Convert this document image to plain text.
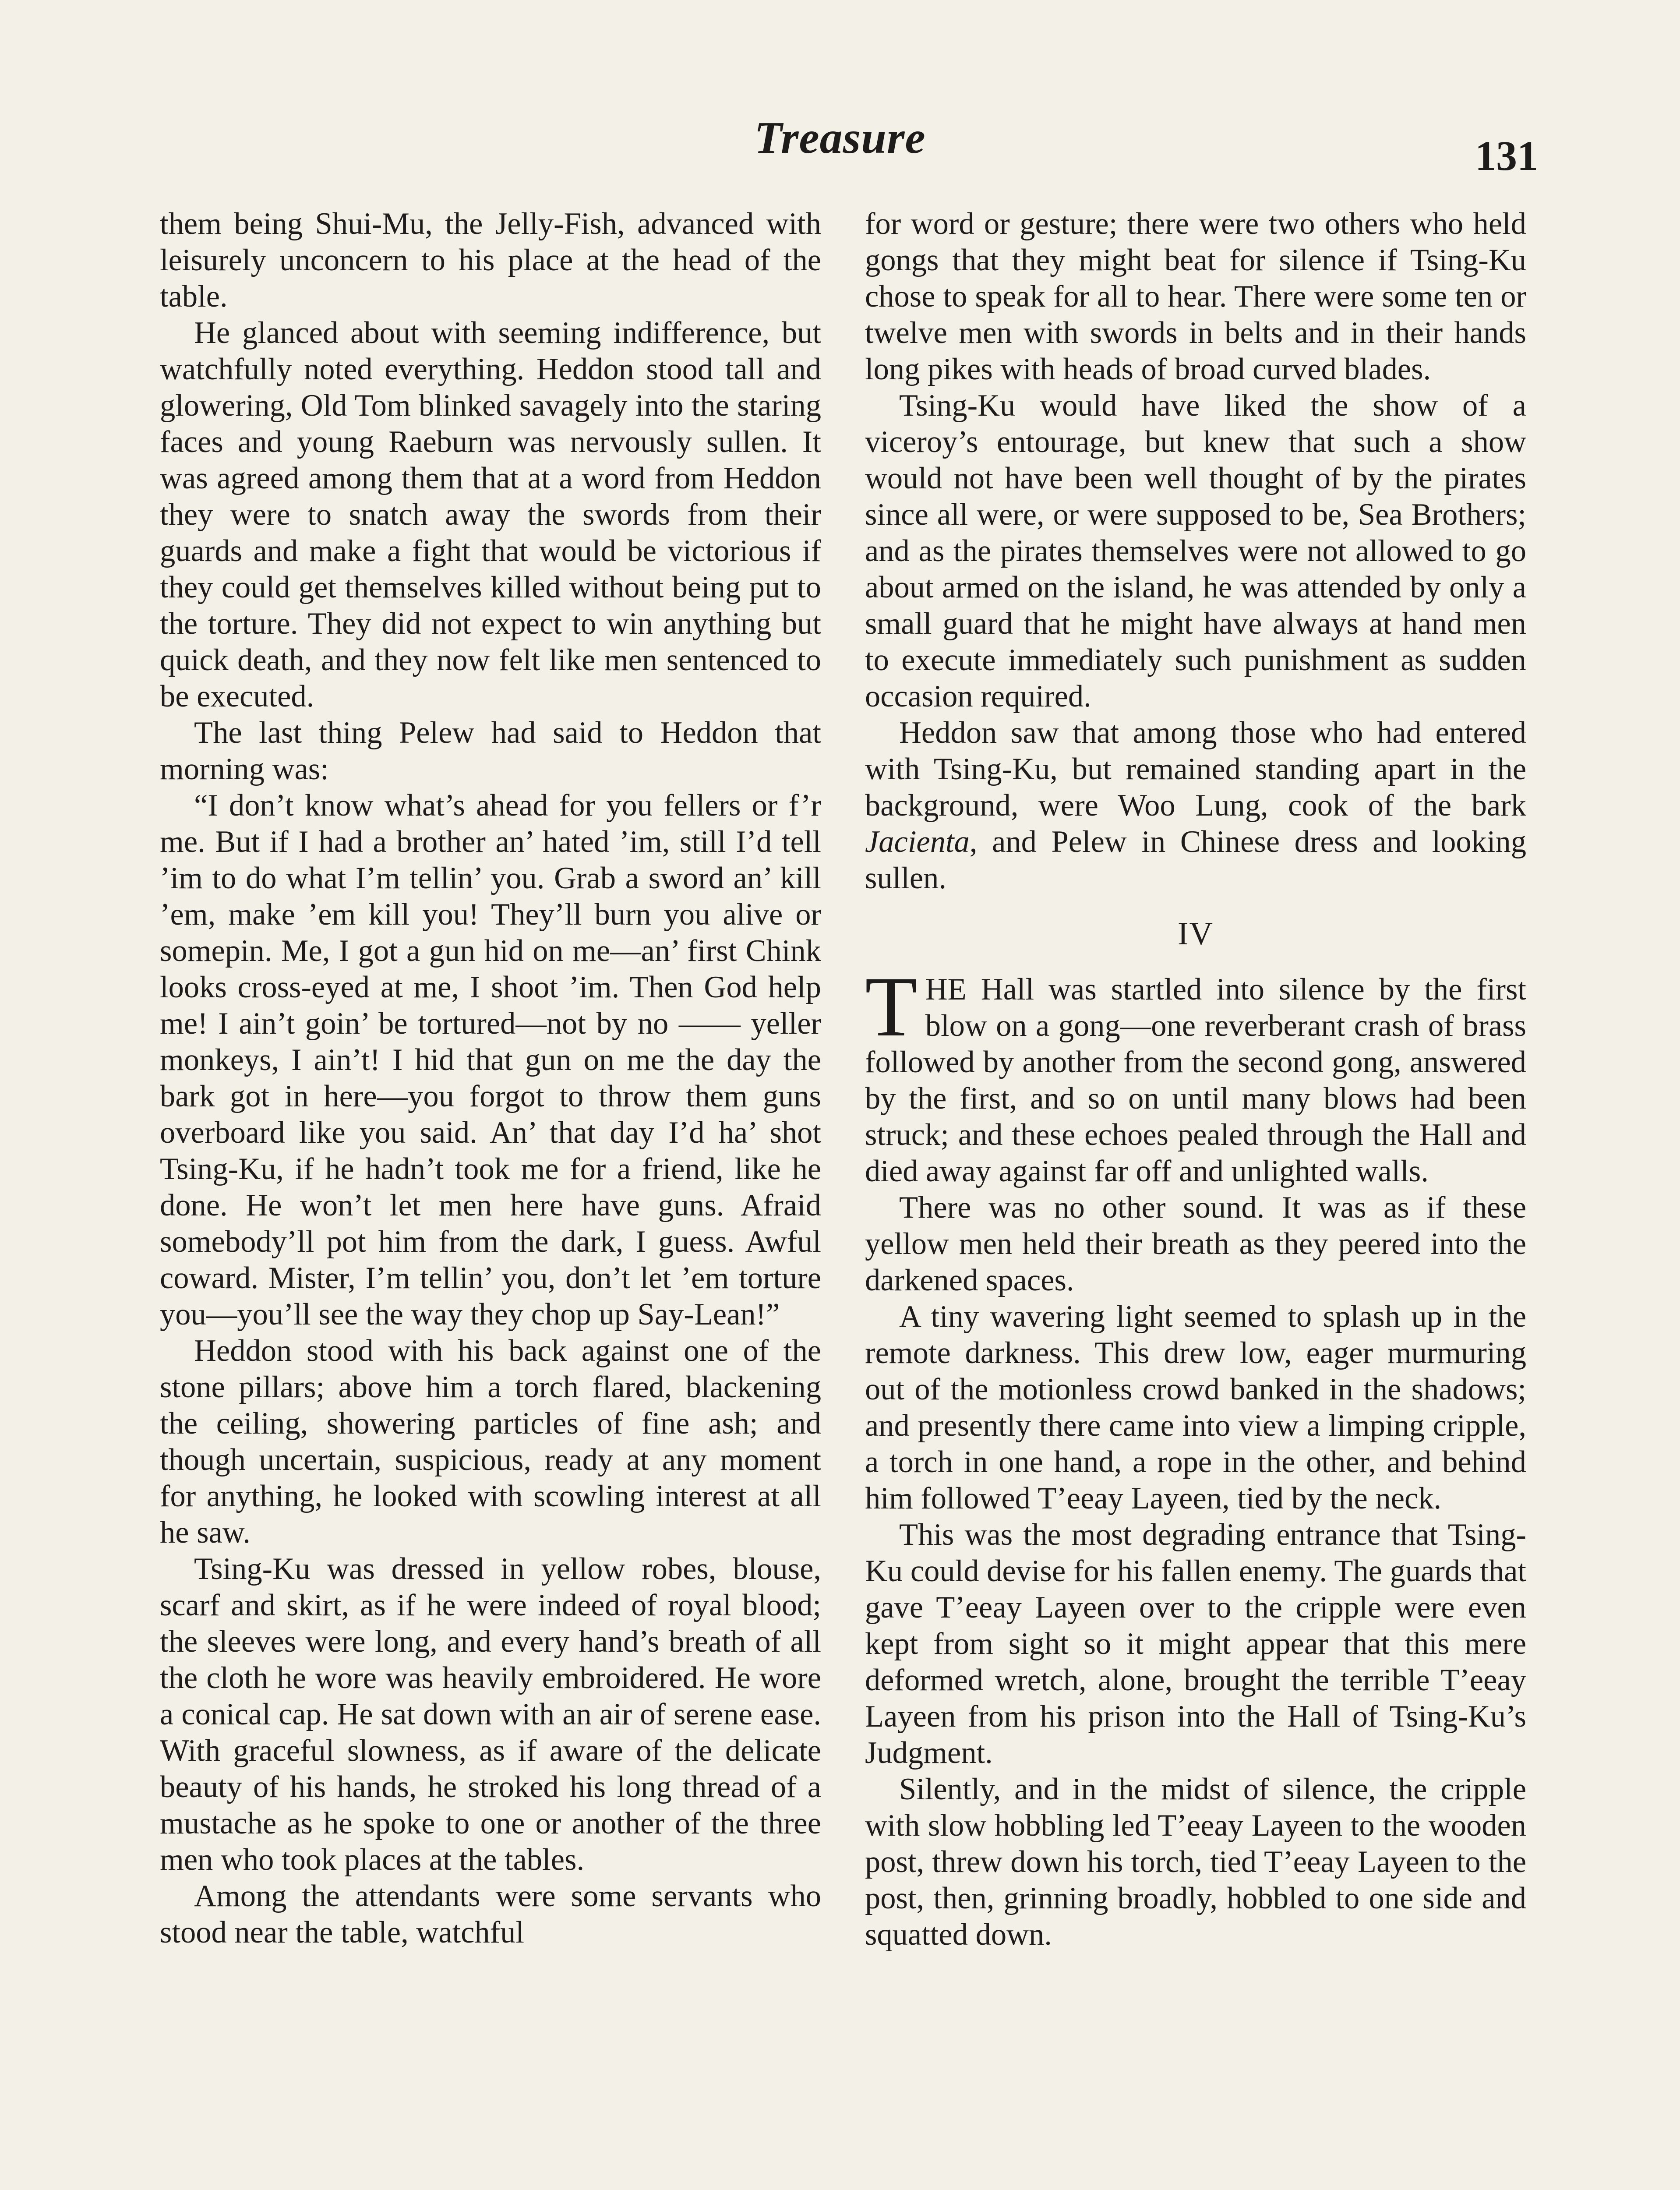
Treasure	131

them being Shui-Mu, the Jelly-Fish, advanced with leisurely unconcern to his place at the head of the table.

He glanced about with seeming indifference, but watchfully noted everything. Heddon stood tall and glowering, Old Tom blinked savagely into the staring faces and young Raeburn was nervously sullen. It was agreed among them that at a word from Heddon they were to snatch away the swords from their guards and make a fight that would be victorious if they could get themselves killed without being put to the torture. They did not expect to win anything but quick death, and they now felt like men sentenced to be executed.

The last thing Pelew had said to Heddon that morning was:

“I don’t know what’s ahead for you fellers or f’r me. But if I had a brother an’ hated ’im, still I’d tell ’im to do what I’m tellin’ you. Grab a sword an’ kill ’em, make ’em kill you! They’ll burn you alive or somepin. Me, I got a gun hid on me—an’ first Chink looks cross-eyed at me, I shoot ’im. Then God help me! I ain’t goin’ be tortured—not by no —— yeller monkeys, I ain’t! I hid that gun on me the day the bark got in here—you forgot to throw them guns overboard like you said. An’ that day I’d ha’ shot Tsing-Ku, if he hadn’t took me for a friend, like he done. He won’t let men here have guns. Afraid somebody’ll pot him from the dark, I guess. Awful coward. Mister, I’m tellin’ you, don’t let ’em torture you—you’ll see the way they chop up Say-Lean!”

Heddon stood with his back against one of the stone pillars; above him a torch flared, blackening the ceiling, showering particles of fine ash; and though uncertain, suspicious, ready at any moment for anything, he looked with scowling interest at all he saw.

Tsing-Ku was dressed in yellow robes, blouse, scarf and skirt, as if he were indeed of royal blood; the sleeves were long, and every hand’s breath of all the cloth he wore was heavily embroidered. He wore a conical cap. He sat down with an air of serene ease. With graceful slowness, as if aware of the delicate beauty of his hands, he stroked his long thread of a mustache as he spoke to one or another of the three men who took places at the tables.

Among the attendants were some servants who stood near the table, watchful

for word or gesture; there were two others who held gongs that they might beat for silence if Tsing-Ku chose to speak for all to hear. There were some ten or twelve men with swords in belts and in their hands long pikes with heads of broad curved blades.

Tsing-Ku would have liked the show of a viceroy’s entourage, but knew that such a show would not have been well thought of by the pirates since all were, or were supposed to be, Sea Brothers; and as the pirates themselves were not allowed to go about armed on the island, he was attended by only a small guard that he might have always at hand men to execute immediately such punishment as sudden occasion required.

Heddon saw that among those who had entered with Tsing-Ku, but remained standing apart in the background, were Woo Lung, cook of the bark Jacienta, and Pelew in Chinese dress and looking sullen.

IV

THE Hall was startled into silence by the first blow on a gong—one reverberant crash of brass followed by another from the second gong, answered by the first, and so on until many blows had been struck; and these echoes pealed through the Hall and died away against far off and unlighted walls.

There was no other sound. It was as if these yellow men held their breath as they peered into the darkened spaces.

A tiny wavering light seemed to splash up in the remote darkness. This drew low, eager murmuring out of the motionless crowd banked in the shadows; and presently there came into view a limping cripple, a torch in one hand, a rope in the other, and behind him followed T’eeay Layeen, tied by the neck.

This was the most degrading entrance that Tsing-Ku could devise for his fallen enemy. The guards that gave T’eeay Layeen over to the cripple were even kept from sight so it might appear that this mere deformed wretch, alone, brought the terrible T’eeay Layeen from his prison into the Hall of Tsing-Ku’s Judgment.

Silently, and in the midst of silence, the cripple with slow hobbling led T’eeay Layeen to the wooden post, threw down his torch, tied T’eeay Layeen to the post, then, grinning broadly, hobbled to one side and squatted down.
